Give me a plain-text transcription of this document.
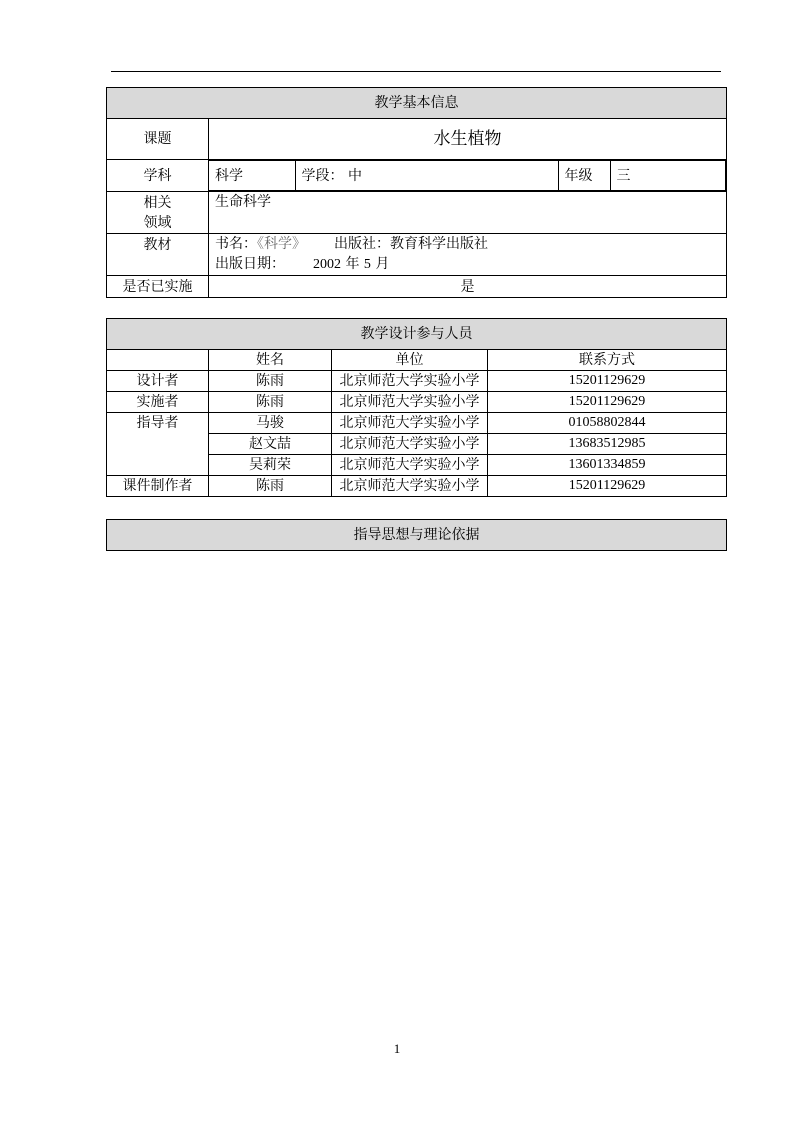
教学基本信息
课题	水生植物
学科		科学	学段： 中	年级	三

相关
领域	生命科学
教材	书名：《科学》 出版社：教育科学出版社
出版日期： 2002 年 5 月

是否已实施	是
教学设计参与人员			
	姓名	单位	联系方式
设计者	陈雨	北京师范大学实验小学	15201129629
实施者	陈雨	北京师范大学实验小学	15201129629
指导者	马骏	北京师范大学实验小学	01058802844
	赵文喆	北京师范大学实验小学	13683512985
	吴莉荣	北京师范大学实验小学	13601334859
课件制作者	陈雨	北京师范大学实验小学	15201129629
指导思想与理论依据
1
